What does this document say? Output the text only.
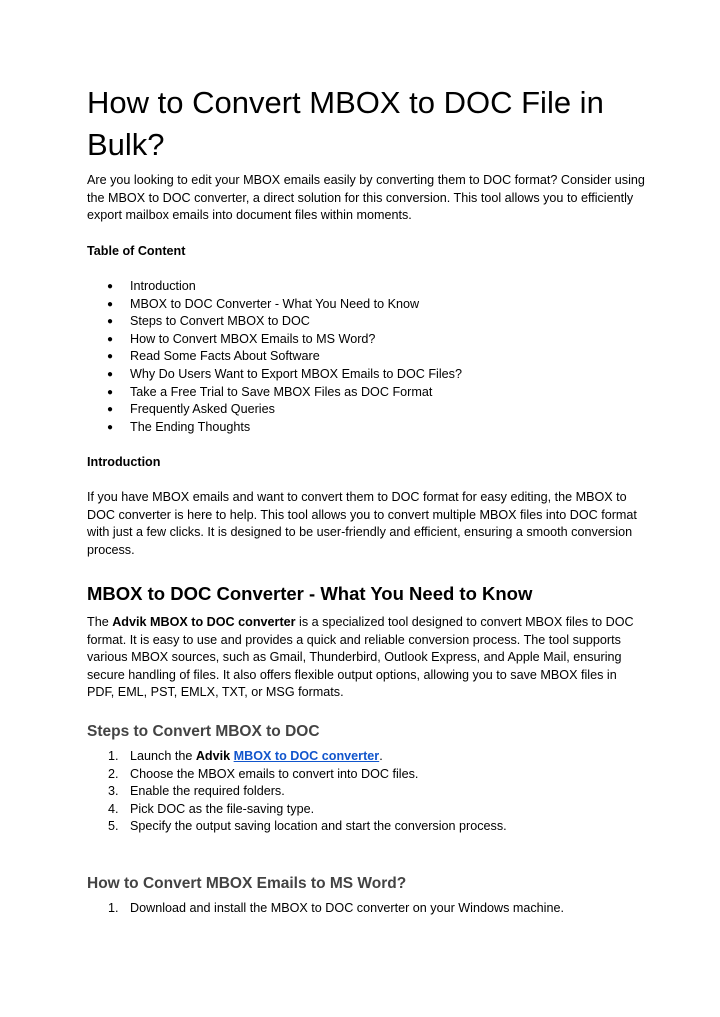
How to Convert MBOX to DOC File in Bulk?

Are you looking to edit your MBOX emails easily by converting them to DOC format? Consider using the MBOX to DOC converter, a direct solution for this conversion. This tool allows you to efficiently export mailbox emails into document files within moments.

Table of Content

● Introduction
● MBOX to DOC Converter - What You Need to Know
● Steps to Convert MBOX to DOC
● How to Convert MBOX Emails to MS Word?
● Read Some Facts About Software
● Why Do Users Want to Export MBOX Emails to DOC Files?
● Take a Free Trial to Save MBOX Files as DOC Format
● Frequently Asked Queries
● The Ending Thoughts

Introduction

If you have MBOX emails and want to convert them to DOC format for easy editing, the MBOX to DOC converter is here to help. This tool allows you to convert multiple MBOX files into DOC format with just a few clicks. It is designed to be user-friendly and efficient, ensuring a smooth conversion process.

MBOX to DOC Converter - What You Need to Know

The Advik MBOX to DOC converter is a specialized tool designed to convert MBOX files to DOC format. It is easy to use and provides a quick and reliable conversion process. The tool supports various MBOX sources, such as Gmail, Thunderbird, Outlook Express, and Apple Mail, ensuring secure handling of files. It also offers flexible output options, allowing you to save MBOX files in PDF, EML, PST, EMLX, TXT, or MSG formats.

Steps to Convert MBOX to DOC
1. Launch the Advik MBOX to DOC converter.
2. Choose the MBOX emails to convert into DOC files.
3. Enable the required folders.
4. Pick DOC as the file-saving type.
5. Specify the output saving location and start the conversion process.
How to Convert MBOX Emails to MS Word?
1. Download and install the MBOX to DOC converter on your Windows machine.
